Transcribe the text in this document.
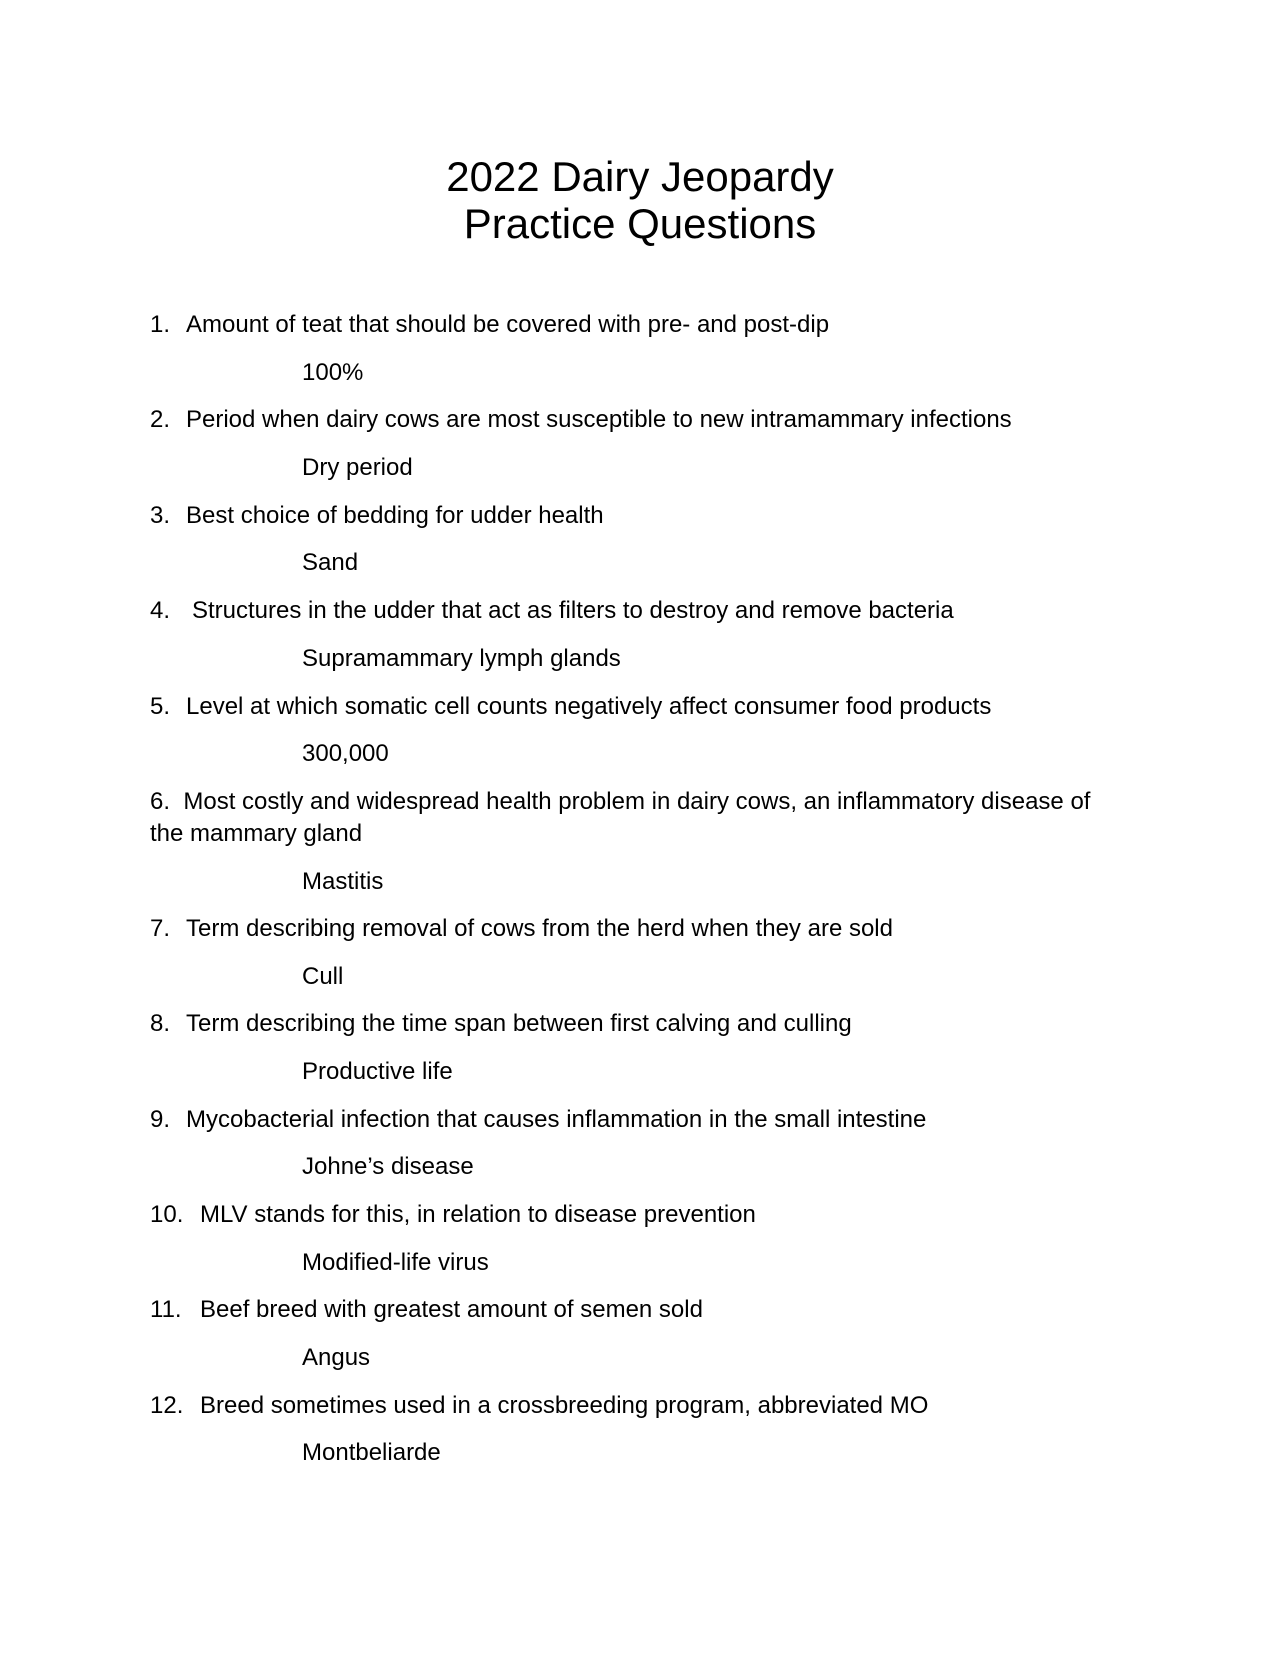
2022 Dairy Jeopardy
Practice Questions
1. Amount of teat that should be covered with pre- and post-dip
100%
2. Period when dairy cows are most susceptible to new intramammary infections
Dry period
3. Best choice of bedding for udder health
Sand
4. Structures in the udder that act as filters to destroy and remove bacteria
Supramammary lymph glands
5. Level at which somatic cell counts negatively affect consumer food products
300,000
6. Most costly and widespread health problem in dairy cows, an inflammatory disease of the mammary gland
Mastitis
7. Term describing removal of cows from the herd when they are sold
Cull
8. Term describing the time span between first calving and culling
Productive life
9. Mycobacterial infection that causes inflammation in the small intestine
Johne’s disease
10. MLV stands for this, in relation to disease prevention
Modified-life virus
11. Beef breed with greatest amount of semen sold
Angus
12. Breed sometimes used in a crossbreeding program, abbreviated MO
Montbeliarde
